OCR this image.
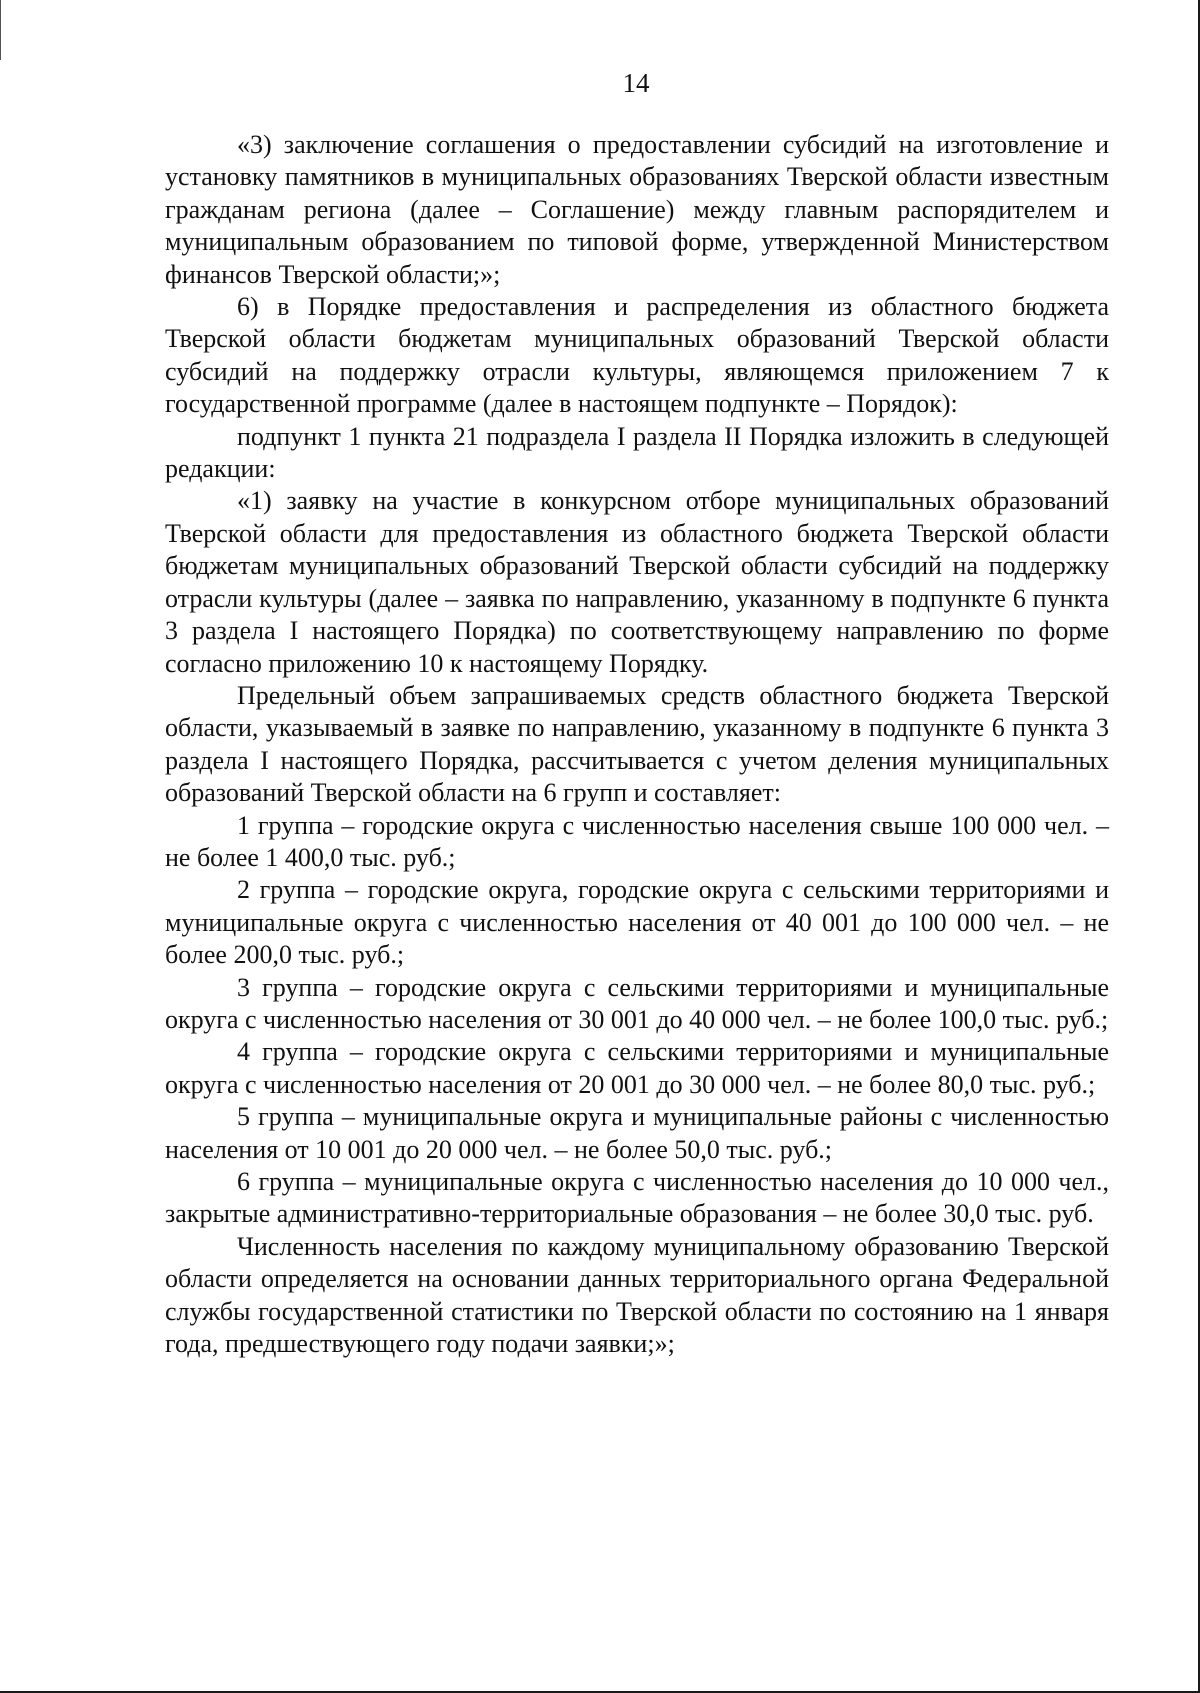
14

«3) заключение соглашения о предоставлении субсидий на изготовление и установку памятников в муниципальных образованиях Тверской области известным гражданам региона (далее – Соглашение) между главным распорядителем и муниципальным образованием по типовой форме, утвержденной Министерством финансов Тверской области;»;

6) в Порядке предоставления и распределения из областного бюджета Тверской области бюджетам муниципальных образований Тверской области субсидий на поддержку отрасли культуры, являющемся приложением 7 к государственной программе (далее в настоящем подпункте – Порядок):

подпункт 1 пункта 21 подраздела I раздела II Порядка изложить в следующей редакции:

«1) заявку на участие в конкурсном отборе муниципальных образований Тверской области для предоставления из областного бюджета Тверской области бюджетам муниципальных образований Тверской области субсидий на поддержку отрасли культуры (далее – заявка по направлению, указанному в подпункте 6 пункта 3 раздела I настоящего Порядка) по соответствующему направлению по форме согласно приложению 10 к настоящему Порядку.

Предельный объем запрашиваемых средств областного бюджета Тверской области, указываемый в заявке по направлению, указанному в подпункте 6 пункта 3 раздела I настоящего Порядка, рассчитывается с учетом деления муниципальных образований Тверской области на 6 групп и составляет:

1 группа – городские округа с численностью населения свыше 100 000 чел. – не более 1 400,0 тыс. руб.;

2 группа – городские округа, городские округа с сельскими территориями и муниципальные округа с численностью населения от 40 001 до 100 000 чел. – не более 200,0 тыс. руб.;

3 группа – городские округа с сельскими территориями и муниципальные округа с численностью населения от 30 001 до 40 000 чел. – не более 100,0 тыс. руб.;

4 группа – городские округа с сельскими территориями и муниципальные округа с численностью населения от 20 001 до 30 000 чел. – не более 80,0 тыс. руб.;

5 группа – муниципальные округа и муниципальные районы с численностью населения от 10 001 до 20 000 чел. – не более 50,0 тыс. руб.;

6 группа – муниципальные округа с численностью населения до 10 000 чел., закрытые административно-территориальные образования – не более 30,0 тыс. руб.

Численность населения по каждому муниципальному образованию Тверской области определяется на основании данных территориального органа Федеральной службы государственной статистики по Тверской области по состоянию на 1 января года, предшествующего году подачи заявки;»;
